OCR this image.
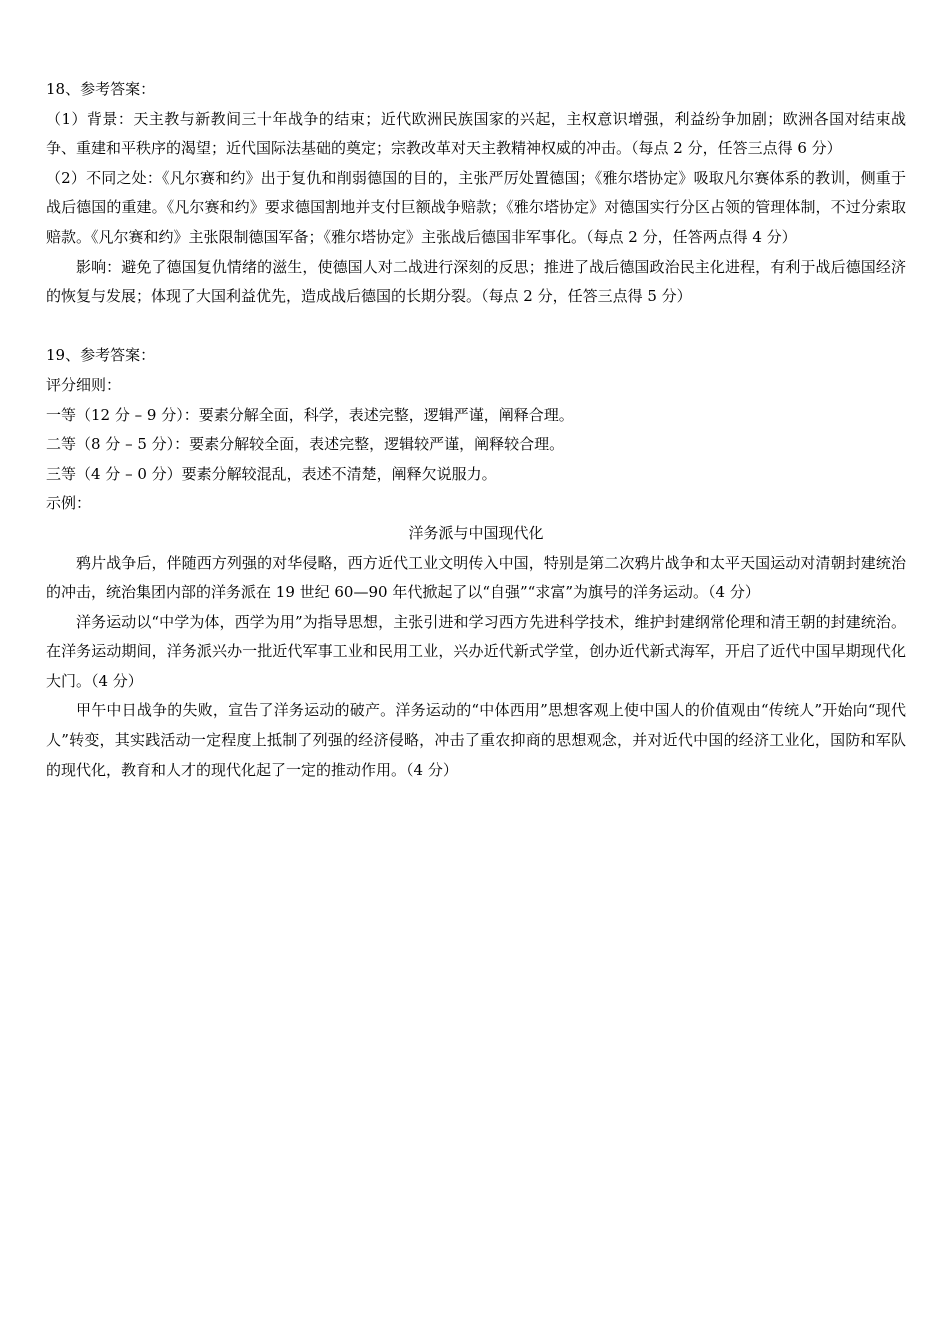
18、参考答案：

（1）背景：天主教与新教间三十年战争的结束；近代欧洲民族国家的兴起，主权意识增强，利益纷争加剧；欧洲各国对结束战争、重建和平秩序的渴望；近代国际法基础的奠定；宗教改革对天主教精神权威的冲击。（每点 2 分，任答三点得 6 分）

（2）不同之处：《凡尔赛和约》出于复仇和削弱德国的目的，主张严厉处置德国；《雅尔塔协定》吸取凡尔赛体系的教训，侧重于战后德国的重建。《凡尔赛和约》要求德国割地并支付巨额战争赔款；《雅尔塔协定》对德国实行分区占领的管理体制，不过分索取赔款。《凡尔赛和约》主张限制德国军备；《雅尔塔协定》主张战后德国非军事化。（每点 2 分，任答两点得 4 分）

影响：避免了德国复仇情绪的滋生，使德国人对二战进行深刻的反思；推进了战后德国政治民主化进程，有利于战后德国经济的恢复与发展；体现了大国利益优先，造成战后德国的长期分裂。（每点 2 分，任答三点得 5 分）

19、参考答案：
评分细则：
一等（12 分 – 9 分）：要素分解全面，科学，表述完整，逻辑严谨，阐释合理。
二等（8 分 – 5 分）：要素分解较全面，表述完整，逻辑较严谨，阐释较合理。
三等（4 分 – 0 分）要素分解较混乱，表述不清楚，阐释欠说服力。
示例：
洋务派与中国现代化

鸦片战争后，伴随西方列强的对华侵略，西方近代工业文明传入中国，特别是第二次鸦片战争和太平天国运动对清朝封建统治的冲击，统治集团内部的洋务派在 19 世纪 60—90 年代掀起了以“自强”“求富”为旗号的洋务运动。（4 分）

洋务运动以“中学为体，西学为用”为指导思想，主张引进和学习西方先进科学技术，维护封建纲常伦理和清王朝的封建统治。在洋务运动期间，洋务派兴办一批近代军事工业和民用工业，兴办近代新式学堂，创办近代新式海军，开启了近代中国早期现代化大门。（4 分）

甲午中日战争的失败，宣告了洋务运动的破产。洋务运动的“中体西用”思想客观上使中国人的价值观由“传统人”开始向“现代人”转变，其实践活动一定程度上抵制了列强的经济侵略，冲击了重农抑商的思想观念，并对近代中国的经济工业化，国防和军队的现代化，教育和人才的现代化起了一定的推动作用。（4 分）
